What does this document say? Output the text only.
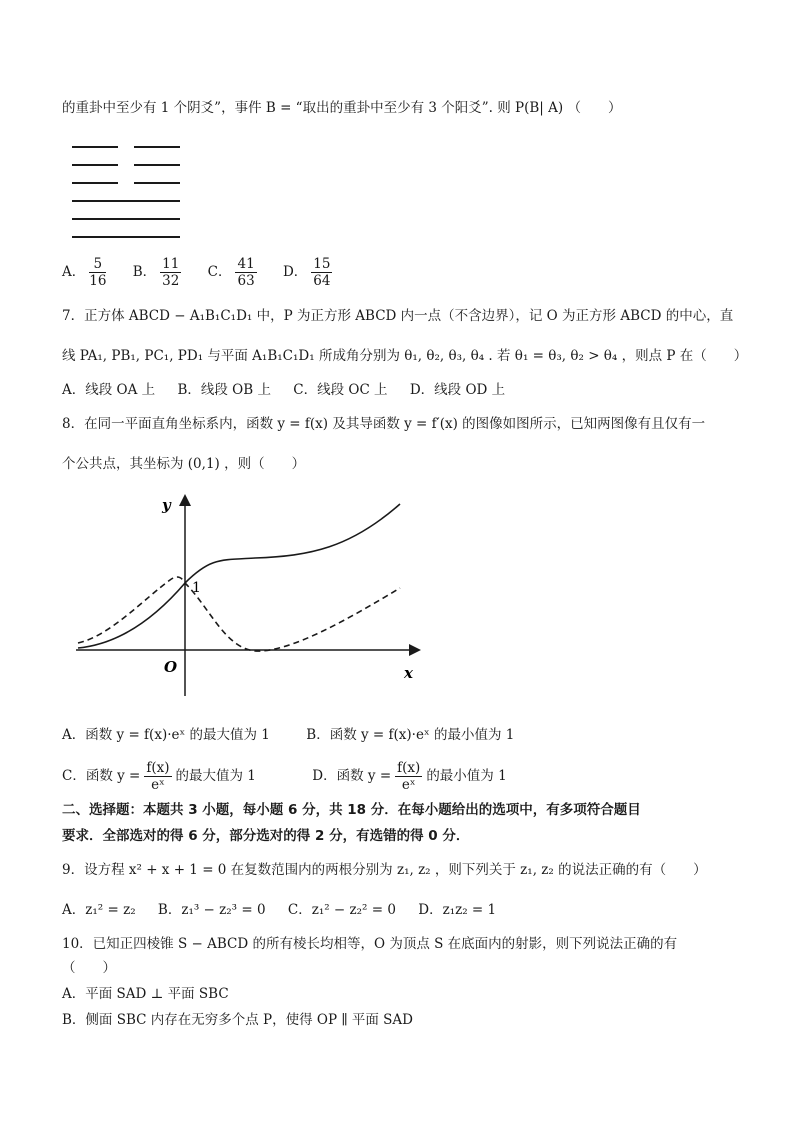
的重卦中至少有 1 个阴爻”，事件 B = “取出的重卦中至少有 3 个阳爻”. 则 P(B| A) （　　）
A． $\frac{5}{16}$ B． $\frac{11}{32}$ C． $\frac{41}{63}$ D． $\frac{15}{64}$
7．正方体 ABCD − A₁B₁C₁D₁ 中，P 为正方形 ABCD 内一点（不含边界），记 O 为正方形 ABCD 的中心，直
线 PA₁, PB₁, PC₁, PD₁ 与平面 A₁B₁C₁D₁ 所成角分别为 θ₁, θ₂, θ₃, θ₄ . 若 θ₁ = θ₃, θ₂ > θ₄ ，则点 P 在（　　）
A．线段 OA 上 B．线段 OB 上 C．线段 OC 上 D．线段 OD 上
8．在同一平面直角坐标系内，函数 y = f(x) 及其导函数 y = f′(x) 的图像如图所示，已知两图像有且仅有一
个公共点，其坐标为 (0,1) ，则（　　）
y
x
O
1
A．函数 y = f(x)·eˣ 的最大值为 1	B．函数 y = f(x)·eˣ 的最小值为 1
C．函数 $y = \frac{f(x)}{\text{eˣ}}$ 的最大值为 1	D．函数 $y = \frac{f(x)}{\text{eˣ}}$ 的最小值为 1
二、选择题：本题共 3 小题，每小题 6 分，共 18 分．在每小题给出的选项中，有多项符合题目
要求．全部选对的得 6 分，部分选对的得 2 分，有选错的得 0 分．
9．设方程 x² + x + 1 = 0 在复数范围内的两根分别为 z₁, z₂ ，则下列关于 z₁, z₂ 的说法正确的有（　　）
A．z₁² = z₂ B．z₁³ − z₂³ = 0 C．z₁² − z₂² = 0 D．z₁z₂ = 1
10．已知正四棱锥 S − ABCD 的所有棱长均相等，O 为顶点 S 在底面内的射影，则下列说法正确的有
（　　）
A．平面 SAD ⊥ 平面 SBC
B．侧面 SBC 内存在无穷多个点 P，使得 OP ∥ 平面 SAD
